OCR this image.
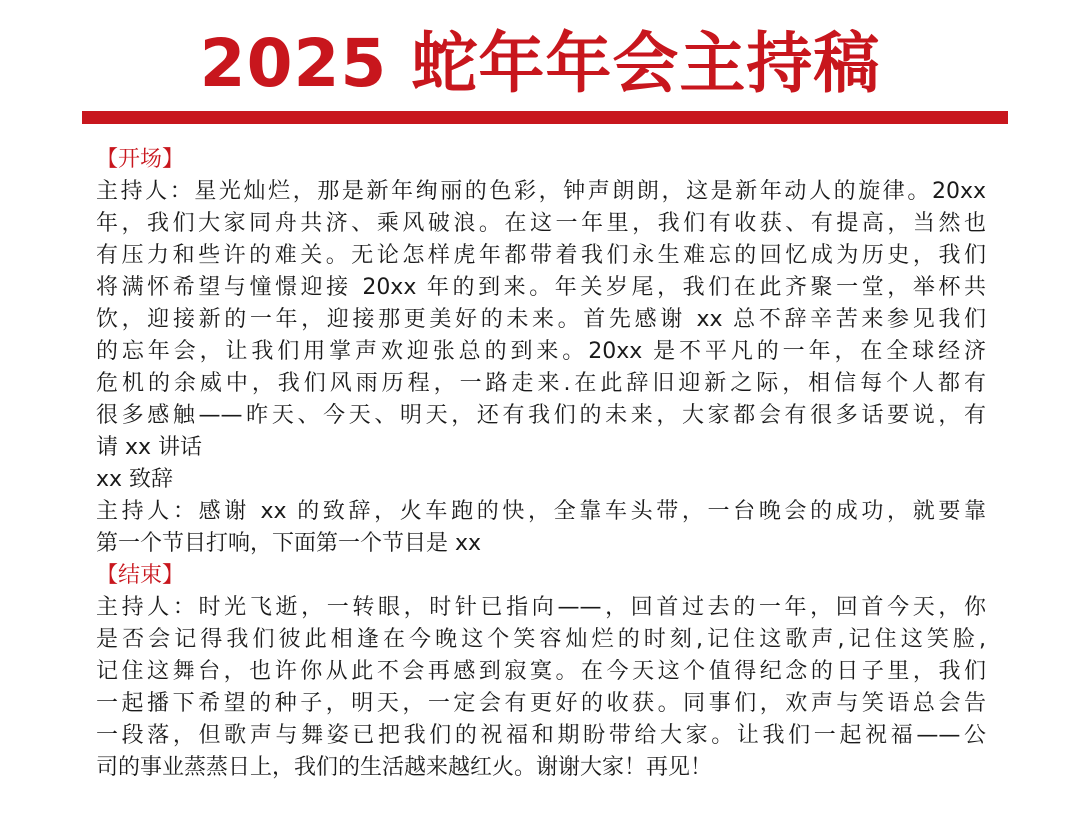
2025 蛇年年会主持稿
【开场】
主持人：星光灿烂，那是新年绚丽的色彩，钟声朗朗，这是新年动人的旋律。20xx
年，我们大家同舟共济、乘风破浪。在这一年里，我们有收获、有提高，当然也
有压力和些许的难关。无论怎样虎年都带着我们永生难忘的回忆成为历史，我们
将满怀希望与憧憬迎接 20xx 年的到来。年关岁尾，我们在此齐聚一堂，举杯共
饮，迎接新的一年，迎接那更美好的未来。首先感谢 xx 总不辞辛苦来参见我们
的忘年会，让我们用掌声欢迎张总的到来。20xx 是不平凡的一年，在全球经济
危机的余威中，我们风雨历程，一路走来.在此辞旧迎新之际，相信每个人都有
很多感触——昨天、今天、明天，还有我们的未来，大家都会有很多话要说，有
请 xx 讲话
xx 致辞
主持人：感谢 xx 的致辞，火车跑的快，全靠车头带，一台晚会的成功，就要靠
第一个节目打响，下面第一个节目是 xx
【结束】
主持人：时光飞逝，一转眼，时针已指向——，回首过去的一年，回首今天，你
是否会记得我们彼此相逢在今晚这个笑容灿烂的时刻,记住这歌声,记住这笑脸,
记住这舞台，也许你从此不会再感到寂寞。在今天这个值得纪念的日子里，我们
一起播下希望的种子，明天，一定会有更好的收获。同事们，欢声与笑语总会告
一段落，但歌声与舞姿已把我们的祝福和期盼带给大家。让我们一起祝福——公
司的事业蒸蒸日上，我们的生活越来越红火。谢谢大家！再见！
